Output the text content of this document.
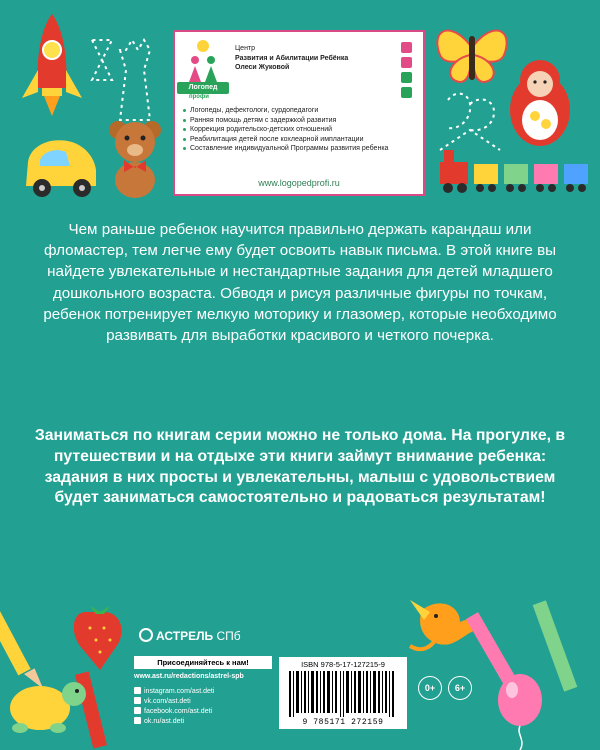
Логопед
профи
Центр
Развития и Абилитации Ребёнка
Олеси Жуковой
Логопеды, дефектологи, сурдопедагоги
Ранняя помощь детям с задержкой развития
Коррекция родительско-детских отношений
Реабилитация детей после кохлеарной имплантации
Составление индивидуальной Программы развития ребенка
www.logopedprofi.ru
Чем раньше ребенок научится правильно держать карандаш или фломастер, тем легче ему будет освоить навык письма. В этой книге вы найдете увлекательные и нестандартные задания для детей младшего дошкольного возраста. Обводя и рисуя различные фигуры по точкам, ребенок потренирует мелкую моторику и глазомер, которые необходимо развивать для выработки красивого и четкого почерка.
Заниматься по книгам серии можно не только дома. На прогулке, в путешествии и на отдыхе эти книги займут внимание ребенка: задания в них просты и увлекательны, малыш с удовольствием будет заниматься самостоятельно и радоваться результатам!
АСТРЕЛЬ СПб
Присоединяйтесь к нам!
www.ast.ru/redactions/astrel-spb
instagram.com/ast.deti
vk.com/ast.deti
facebook.com/ast.deti
ok.ru/ast.deti
ISBN 978-5-17-127215-9
9 785171 272159
0+	6+
